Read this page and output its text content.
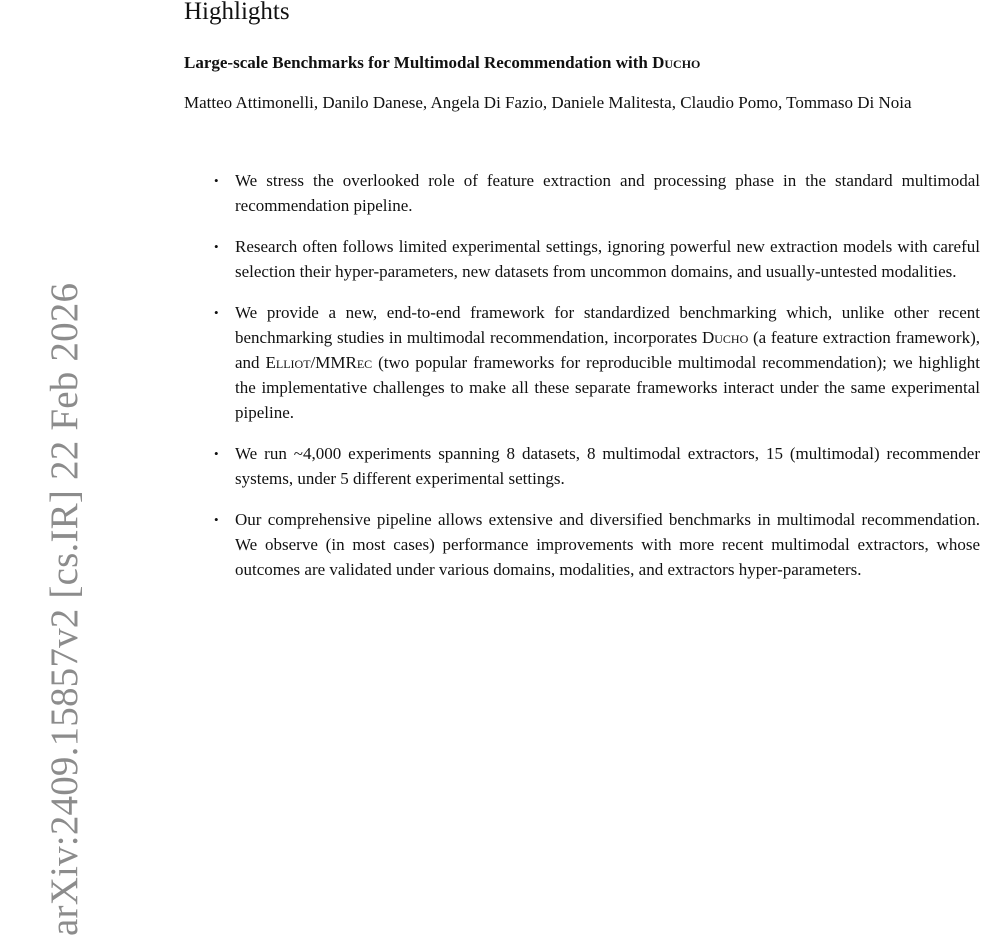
arXiv:2409.15857v2 [cs.IR] 22 Feb 2026
Highlights

Large-scale Benchmarks for Multimodal Recommendation with Ducho

Matteo Attimonelli, Danilo Danese, Angela Di Fazio, Daniele Malitesta, Claudio Pomo, Tommaso Di Noia

• We stress the overlooked role of feature extraction and processing phase in the standard multimodal recommendation pipeline.
• Research often follows limited experimental settings, ignoring powerful new extraction models with careful selection their hyper-parameters, new datasets from uncommon domains, and usually-untested modalities.
• We provide a new, end-to-end framework for standardized benchmarking which, unlike other recent benchmarking studies in multimodal recommendation, incorporates Ducho (a feature extraction framework), and Elliot/MMRec (two popular frameworks for reproducible multimodal recommendation); we highlight the implementative challenges to make all these separate frameworks interact under the same experimental pipeline.
• We run ~4,000 experiments spanning 8 datasets, 8 multimodal extractors, 15 (multimodal) recommender systems, under 5 different experimental settings.
• Our comprehensive pipeline allows extensive and diversified benchmarks in multimodal recommendation. We observe (in most cases) performance improvements with more recent multimodal extractors, whose outcomes are validated under various domains, modalities, and extractors hyper-parameters.
